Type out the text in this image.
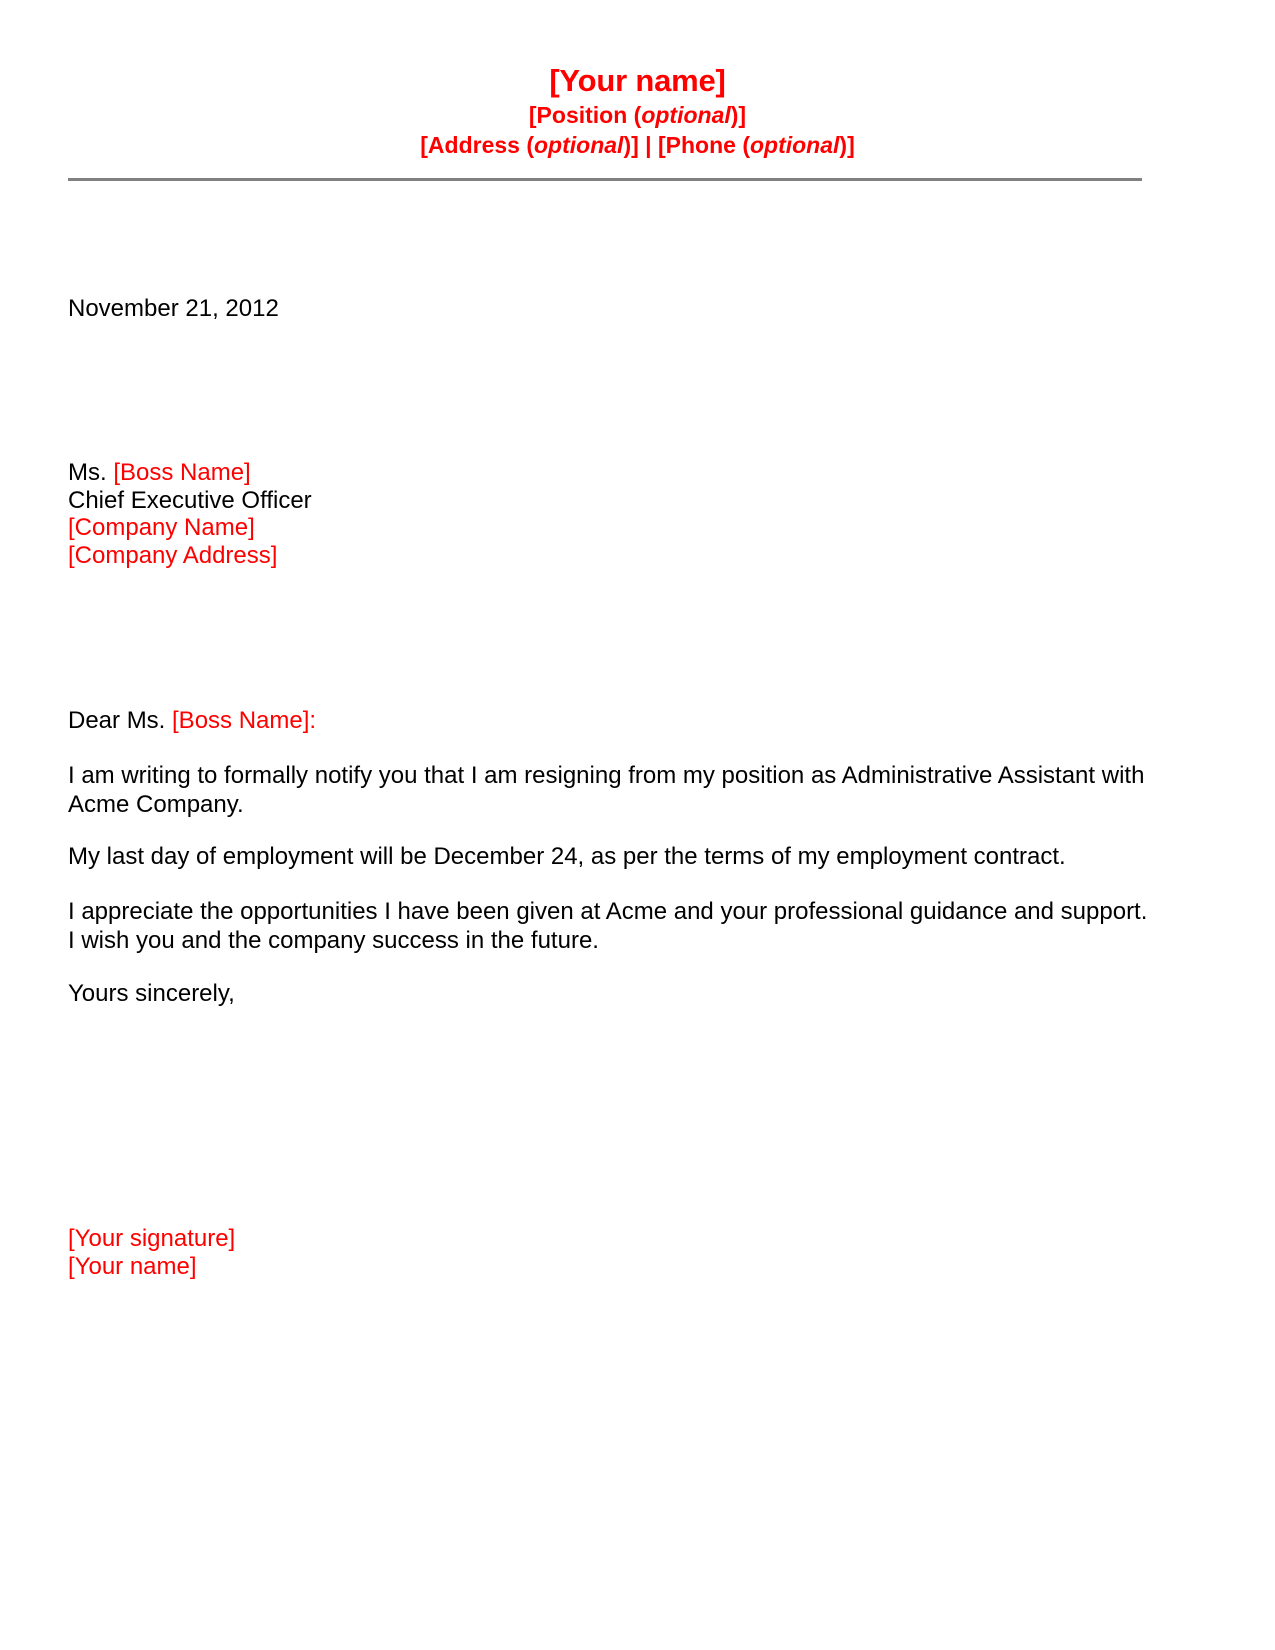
[Your name]
[Position (optional)]
[Address (optional)] | [Phone (optional)]
November 21, 2012
Ms. [Boss Name]
Chief Executive Officer
[Company Name]
[Company Address]
Dear Ms. [Boss Name]:
I am writing to formally notify you that I am resigning from my position as Administrative Assistant with Acme Company.
My last day of employment will be December 24, as per the terms of my employment contract.
I appreciate the opportunities I have been given at Acme and your professional guidance and support. I wish you and the company success in the future.
Yours sincerely,
[Your signature]
[Your name]
